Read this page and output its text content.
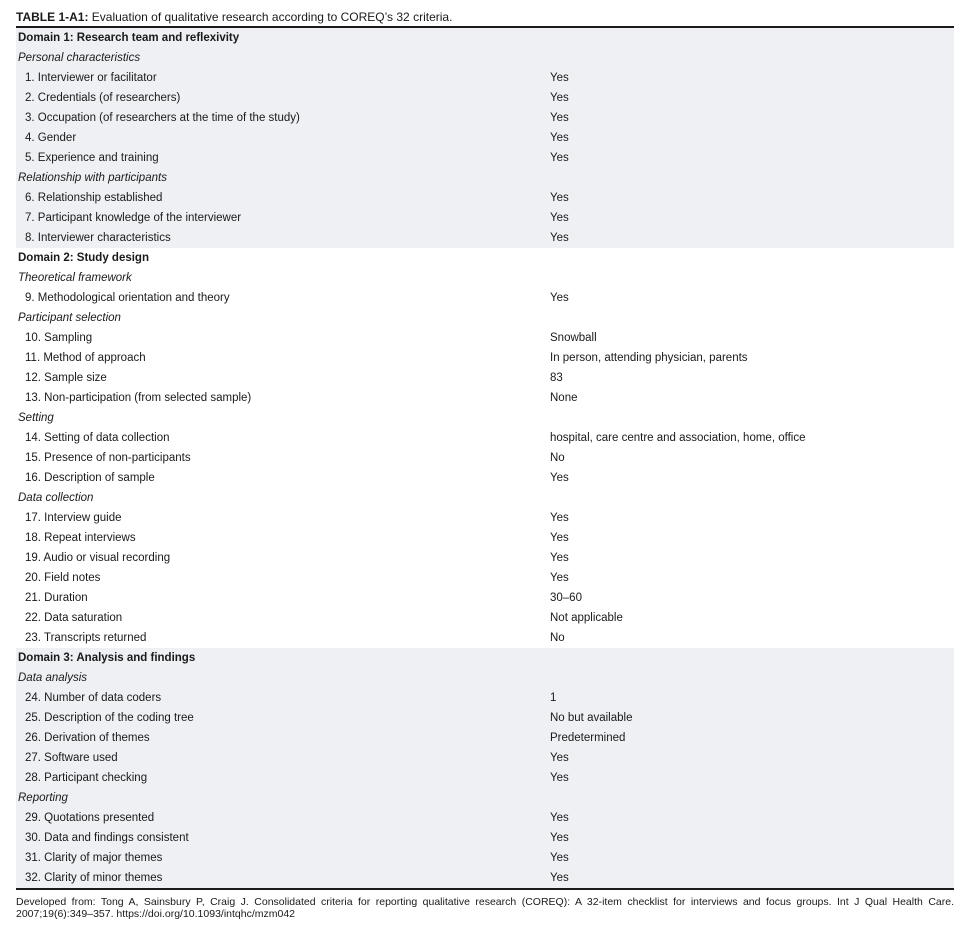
TABLE 1-A1: Evaluation of qualitative research according to COREQ’s 32 criteria.
Domain 1: Research team and reflexivity	
Personal characteristics	
1. Interviewer or facilitator	Yes
2. Credentials (of researchers)	Yes
3. Occupation (of researchers at the time of the study)	Yes
4. Gender	Yes
5. Experience and training	Yes
Relationship with participants	
6. Relationship established	Yes
7. Participant knowledge of the interviewer	Yes
8. Interviewer characteristics	Yes
Domain 2: Study design	
Theoretical framework	
9. Methodological orientation and theory	Yes
Participant selection	
10. Sampling	Snowball
11. Method of approach	In person, attending physician, parents
12. Sample size	83
13. Non-participation (from selected sample)	None
Setting	
14. Setting of data collection	hospital, care centre and association, home, office
15. Presence of non-participants	No
16. Description of sample	Yes
Data collection	
17. Interview guide	Yes
18. Repeat interviews	Yes
19. Audio or visual recording	Yes
20. Field notes	Yes
21. Duration	30–60
22. Data saturation	Not applicable
23. Transcripts returned	No
Domain 3: Analysis and findings	
Data analysis	
24. Number of data coders	1
25. Description of the coding tree	No but available
26. Derivation of themes	Predetermined
27. Software used	Yes
28. Participant checking	Yes
Reporting	
29. Quotations presented	Yes
30. Data and findings consistent	Yes
31. Clarity of major themes	Yes
32. Clarity of minor themes	Yes
Developed from: Tong A, Sainsbury P, Craig J. Consolidated criteria for reporting qualitative research (COREQ): A 32-item checklist for interviews and focus groups. Int J Qual Health Care. 2007;19(6):349–357. https://doi.org/10.1093/intqhc/mzm042
